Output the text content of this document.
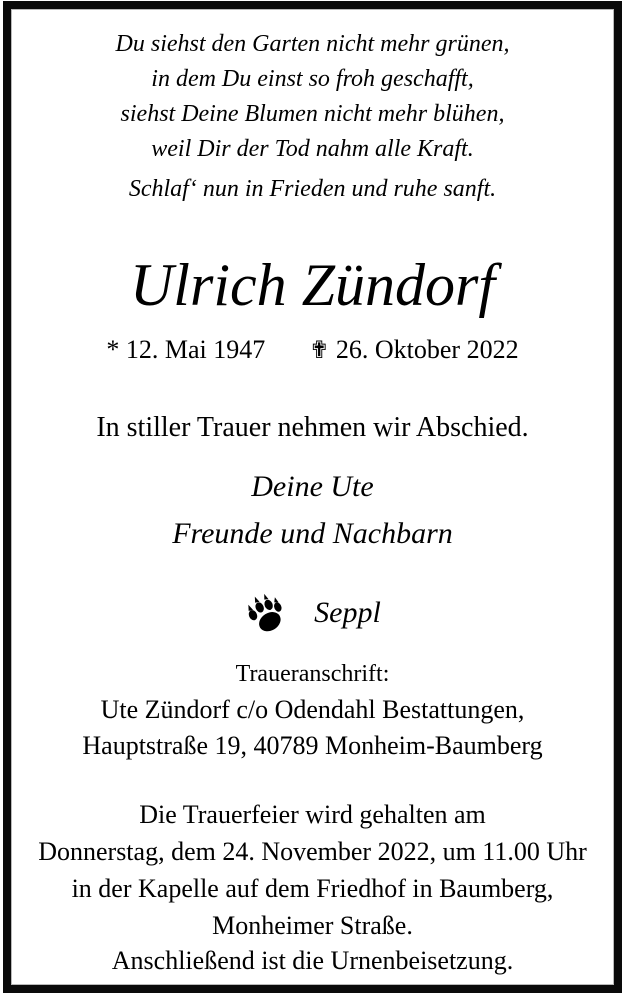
Du siehst den Garten nicht mehr grünen,
in dem Du einst so froh geschafft,
siehst Deine Blumen nicht mehr blühen,
weil Dir der Tod nahm alle Kraft.
Schlaf‘ nun in Frieden und ruhe sanft.
Ulrich Zündorf
* 12. Mai 1947 ✟ 26. Oktober 2022
In stiller Trauer nehmen wir Abschied.
Deine Ute
Freunde und Nachbarn
Seppl
Traueranschrift:
Ute Zündorf c/o Odendahl Bestattungen,
Hauptstraße 19, 40789 Monheim-Baumberg
Die Trauerfeier wird gehalten am
Donnerstag, dem 24. November 2022, um 11.00 Uhr
in der Kapelle auf dem Friedhof in Baumberg,
Monheimer Straße.
Anschließend ist die Urnenbeisetzung.
